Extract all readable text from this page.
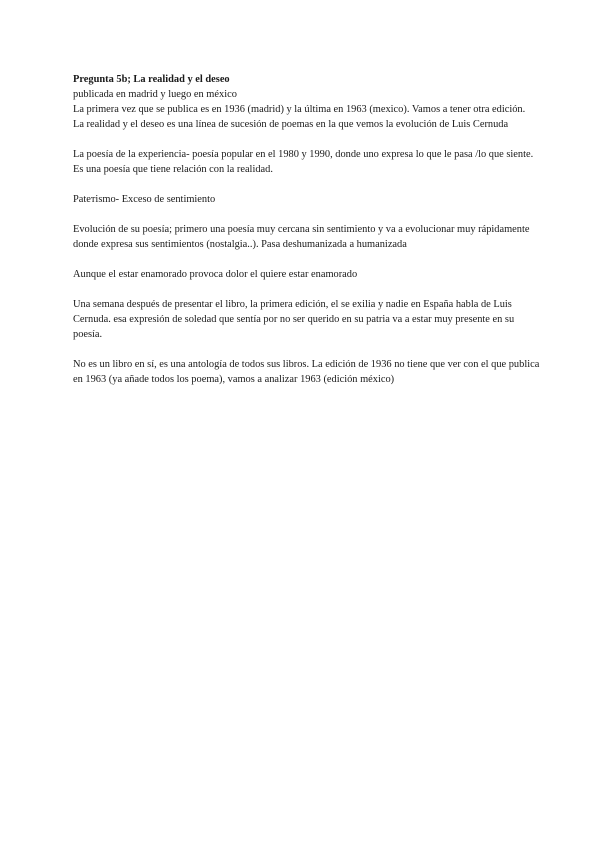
Pregunta 5b; La realidad y el deseo

publicada en madrid y luego en méxico

La primera vez que se publica es en 1936 (madrid) y la última en 1963 (mexico). Vamos a tener otra edición.

La realidad y el deseo es una línea de sucesión de poemas en la que vemos la evolución de Luis Cernuda

La poesía de la experiencia- poesía popular en el 1980 y 1990, donde uno expresa lo que le pasa /lo que siente. Es una poesía que tiene relación con la realidad.

Pateтismo- Exceso de sentimiento

Evolución de su poesía; primero una poesía muy cercana sin sentimiento y va a evolucionar muy rápidamente donde expresa sus sentimientos (nostalgia..). Pasa deshumanizada a humanizada

Aunque el estar enamorado provoca dolor el quiere estar enamorado

Una semana después de presentar el libro, la primera edición, el se exilia y nadie en España habla de Luis Cernuda. esa expresión de soledad que sentía por no ser querido en su patria va a estar muy presente en su poesía.

No es un libro en sí, es una antología de todos sus libros. La edición de 1936 no tiene que ver con el que publica en 1963 (ya añade todos los poema), vamos a analizar 1963 (edición méxico)
